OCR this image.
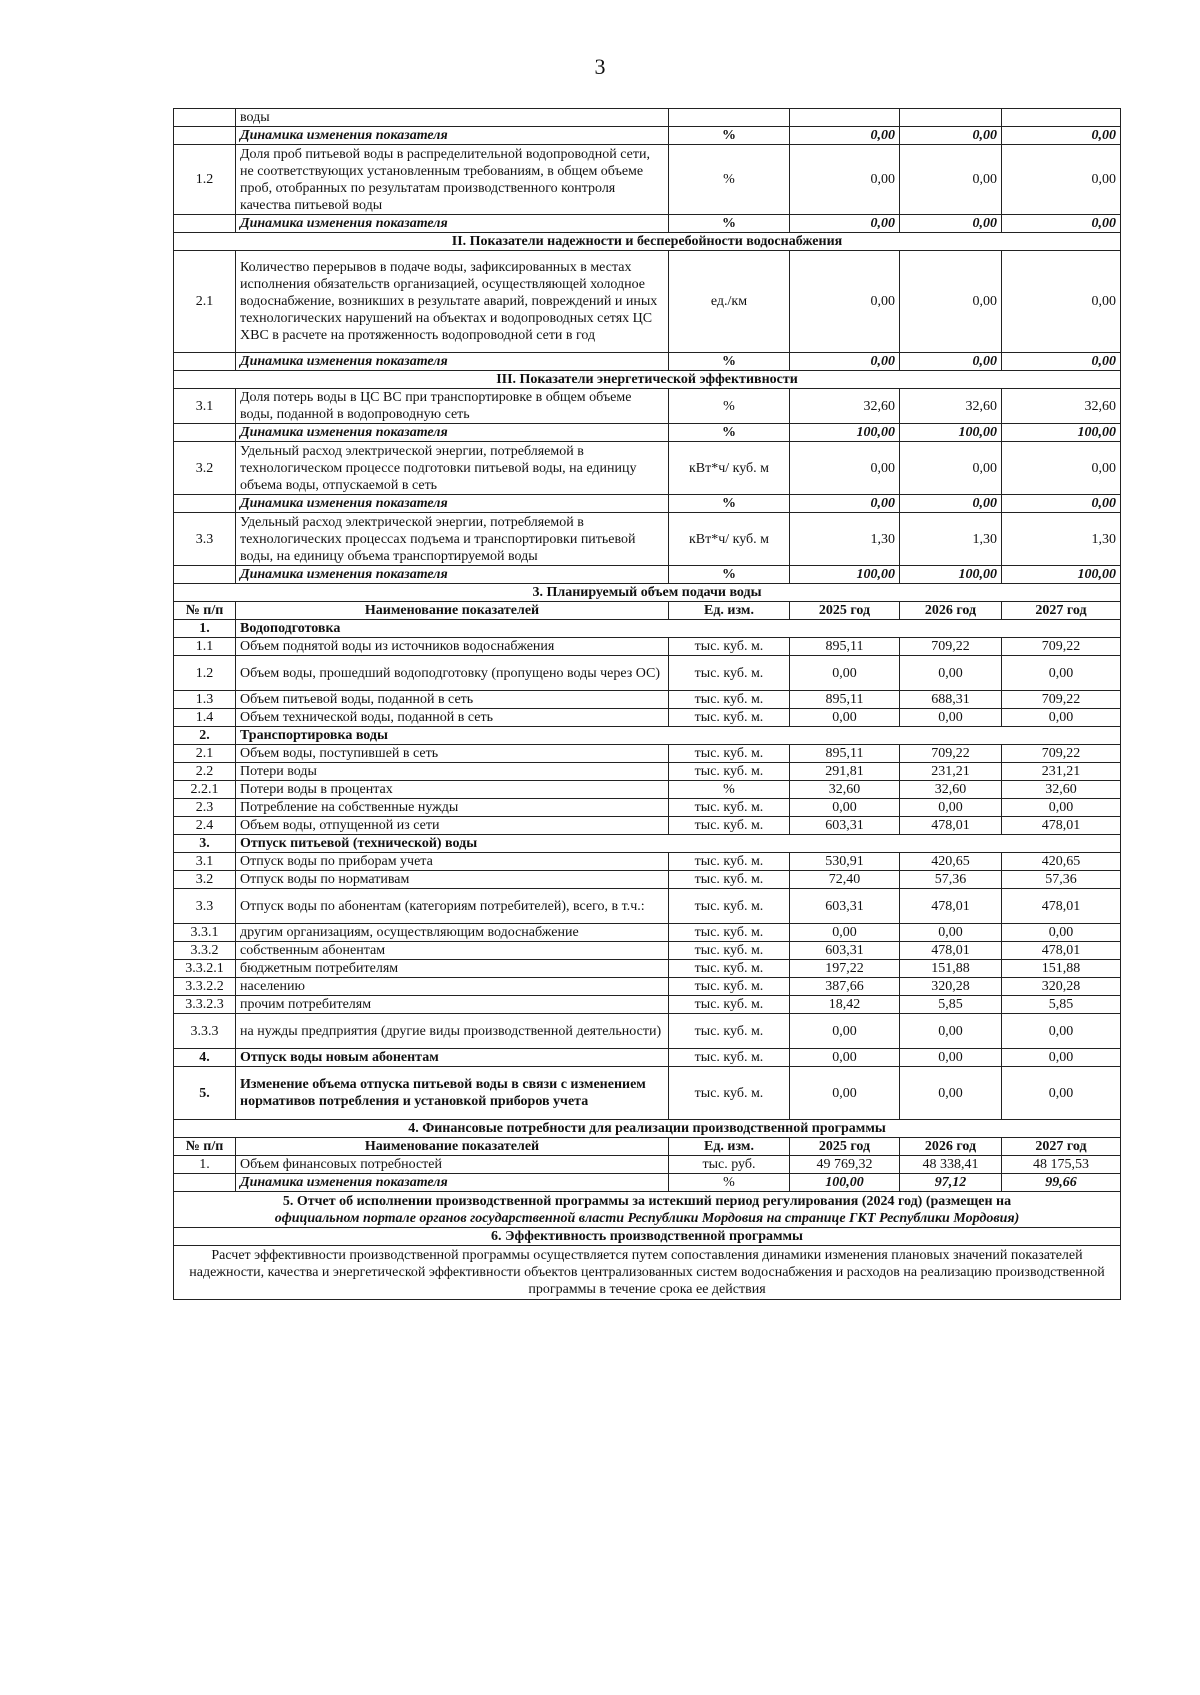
3
	воды				
	Динамика изменения показателя	%	0,00	0,00	0,00
1.2	Доля проб питьевой воды в распределительной водопроводной сети, не соответствующих установленным требованиям, в общем объеме проб, отобранных по результатам производственного контроля качества питьевой воды	%	0,00	0,00	0,00
	Динамика изменения показателя	%	0,00	0,00	0,00
II. Показатели надежности и бесперебойности водоснабжения					
2.1	Количество перерывов в подаче воды, зафиксированных в местах исполнения обязательств организацией, осуществляющей холодное водоснабжение, возникших в результате аварий, повреждений и иных технологических нарушений на объектах и водопроводных сетях ЦС ХВС в расчете на протяженность водопроводной сети в год	ед./км	0,00	0,00	0,00
	Динамика изменения показателя	%	0,00	0,00	0,00
III. Показатели энергетической эффективности					
3.1	Доля потерь воды в ЦС ВС при транспортировке в общем объеме воды, поданной в водопроводную сеть	%	32,60	32,60	32,60
	Динамика изменения показателя	%	100,00	100,00	100,00
3.2	Удельный расход электрической энергии, потребляемой в технологическом процессе подготовки питьевой воды, на единицу объема воды, отпускаемой в сеть	кВт*ч/ куб. м	0,00	0,00	0,00
	Динамика изменения показателя	%	0,00	0,00	0,00
3.3	Удельный расход электрической энергии, потребляемой в технологических процессах подъема и транспортировки питьевой воды, на единицу объема транспортируемой воды	кВт*ч/ куб. м	1,30	1,30	1,30
	Динамика изменения показателя	%	100,00	100,00	100,00
3. Планируемый объем подачи воды					
№ п/п	Наименование показателей	Ед. изм.	2025 год	2026 год	2027 год
1.	Водоподготовка				
1.1	Объем поднятой воды из источников водоснабжения	тыс. куб. м.	895,11	709,22	709,22
1.2	Объем воды, прошедший водоподготовку (пропущено воды через ОС)	тыс. куб. м.	0,00	0,00	0,00
1.3	Объем питьевой воды, поданной в сеть	тыс. куб. м.	895,11	688,31	709,22
1.4	Объем технической воды, поданной в сеть	тыс. куб. м.	0,00	0,00	0,00
2.	Транспортировка воды				
2.1	Объем воды, поступившей в сеть	тыс. куб. м.	895,11	709,22	709,22
2.2	Потери воды	тыс. куб. м.	291,81	231,21	231,21
2.2.1	Потери воды в процентах	%	32,60	32,60	32,60
2.3	Потребление на собственные нужды	тыс. куб. м.	0,00	0,00	0,00
2.4	Объем воды, отпущенной из сети	тыс. куб. м.	603,31	478,01	478,01
3.	Отпуск питьевой (технической) воды				
3.1	Отпуск воды по приборам учета	тыс. куб. м.	530,91	420,65	420,65
3.2	Отпуск воды по нормативам	тыс. куб. м.	72,40	57,36	57,36
3.3	Отпуск воды по абонентам (категориям потребителей), всего, в т.ч.:	тыс. куб. м.	603,31	478,01	478,01
3.3.1	другим организациям, осуществляющим водоснабжение	тыс. куб. м.	0,00	0,00	0,00
3.3.2	собственным абонентам	тыс. куб. м.	603,31	478,01	478,01
3.3.2.1	бюджетным потребителям	тыс. куб. м.	197,22	151,88	151,88
3.3.2.2	населению	тыс. куб. м.	387,66	320,28	320,28
3.3.2.3	прочим потребителям	тыс. куб. м.	18,42	5,85	5,85
3.3.3	на нужды предприятия (другие виды производственной деятельности)	тыс. куб. м.	0,00	0,00	0,00
4.	Отпуск воды новым абонентам	тыс. куб. м.	0,00	0,00	0,00
5.	Изменение объема отпуска питьевой воды в связи с изменением нормативов потребления и установкой приборов учета	тыс. куб. м.	0,00	0,00	0,00
4. Финансовые потребности для реализации производственной программы					
№ п/п	Наименование показателей	Ед. изм.	2025 год	2026 год	2027 год
1.	Объем финансовых потребностей	тыс. руб.	49 769,32	48 338,41	48 175,53
	Динамика изменения показателя	%	100,00	97,12	99,66

5. Отчет об исполнении производственной программы за истекший период регулирования (2024 год) (размещен на
официальном портале органов государственной власти Республики Мордовия на странице ГКТ Республики Мордовия)					

6. Эффективность производственной программы					
Расчет эффективности производственной программы осуществляется путем сопоставления динамики изменения плановых значений показателей надежности, качества и энергетической эффективности объектов централизованных систем водоснабжения и расходов на реализацию производственной программы в течение срока ее действия					
